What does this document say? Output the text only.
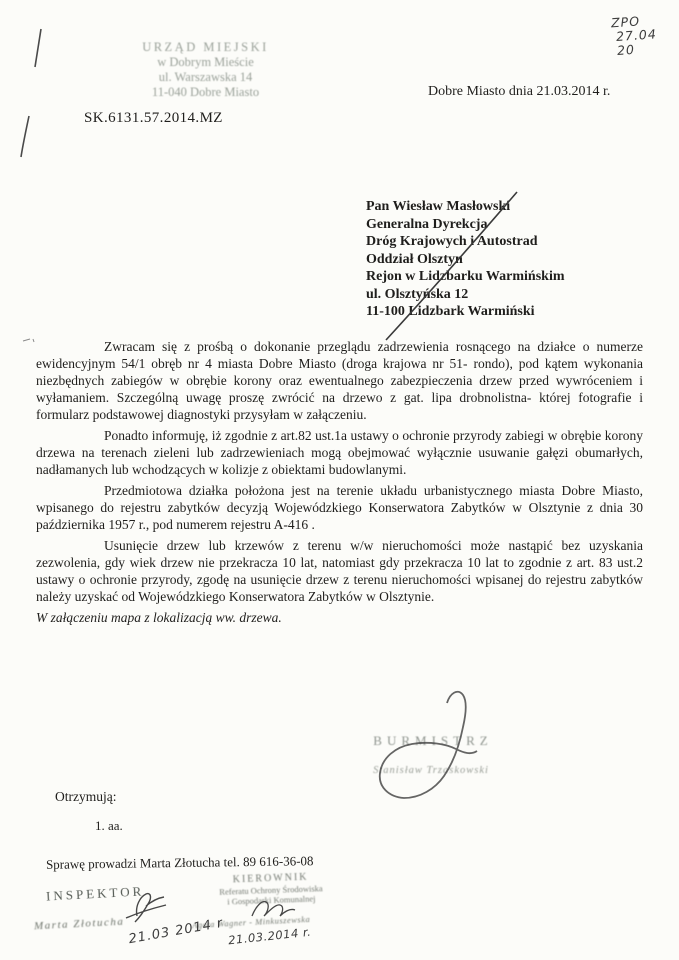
URZĄD MIEJSKI
w Dobrym Mieście
ul. Warszawska 14
11-040 Dobre Miasto
ZPO
27.04 20
Dobre Miasto dnia 21.03.2014 r.
SK.6131.57.2014.MZ
Pan Wiesław Masłowski
Generalna Dyrekcja
Dróg Krajowych i Autostrad
Oddział Olsztyn
Rejon w Lidzbarku Warmińskim
ul. Olsztyńska 12
11-100 Lidzbark Warmiński

Zwracam się z prośbą o dokonanie przeglądu zadrzewienia rosnącego na działce o numerze ewidencyjnym 54/1 obręb nr 4 miasta Dobre Miasto (droga krajowa nr 51- rondo), pod kątem wykonania niezbędnych zabiegów w obrębie korony oraz ewentualnego zabezpieczenia drzew przed wywróceniem i wyłamaniem. Szczególną uwagę proszę zwrócić na drzewo z gat. lipa drobnolistna- której fotografie i formularz podstawowej diagnostyki przysyłam w załączeniu.

Ponadto informuję, iż zgodnie z art.82 ust.1a ustawy o ochronie przyrody zabiegi w obrębie korony drzewa na terenach zieleni lub zadrzewieniach mogą obejmować wyłącznie usuwanie gałęzi obumarłych, nadłamanych lub wchodzących w kolizje z obiektami budowlanymi.

Przedmiotowa działka położona jest na terenie układu urbanistycznego miasta Dobre Miasto, wpisanego do rejestru zabytków decyzją Wojewódzkiego Konserwatora Zabytków w Olsztynie z dnia 30 października 1957 r., pod numerem rejestru A-416 .

Usunięcie drzew lub krzewów z terenu w/w nieruchomości może nastąpić bez uzyskania zezwolenia, gdy wiek drzew nie przekracza 10 lat, natomiast gdy przekracza 10 lat to zgodnie z art. 83 ust.2 ustawy o ochronie przyrody, zgodę na usunięcie drzew z terenu nieruchomości wpisanej do rejestru zabytków należy uzyskać od Wojewódzkiego Konserwatora Zabytków w Olsztynie.

W załączeniu mapa z lokalizacją ww. drzewa.

BURMISTRZ
Stanisław Trzaskowski
Otrzymują:
1. aa.
Sprawę prowadzi Marta Złotucha tel. 89 616-36-08
INSPEKTOR
Marta Złotucha
KIEROWNIK
Referatu Ochrony Środowiska
i Gospodarki Komunalnej
Agata Wagner - Minkuszewska
21.03 2014 r 21.03.2014 r.
